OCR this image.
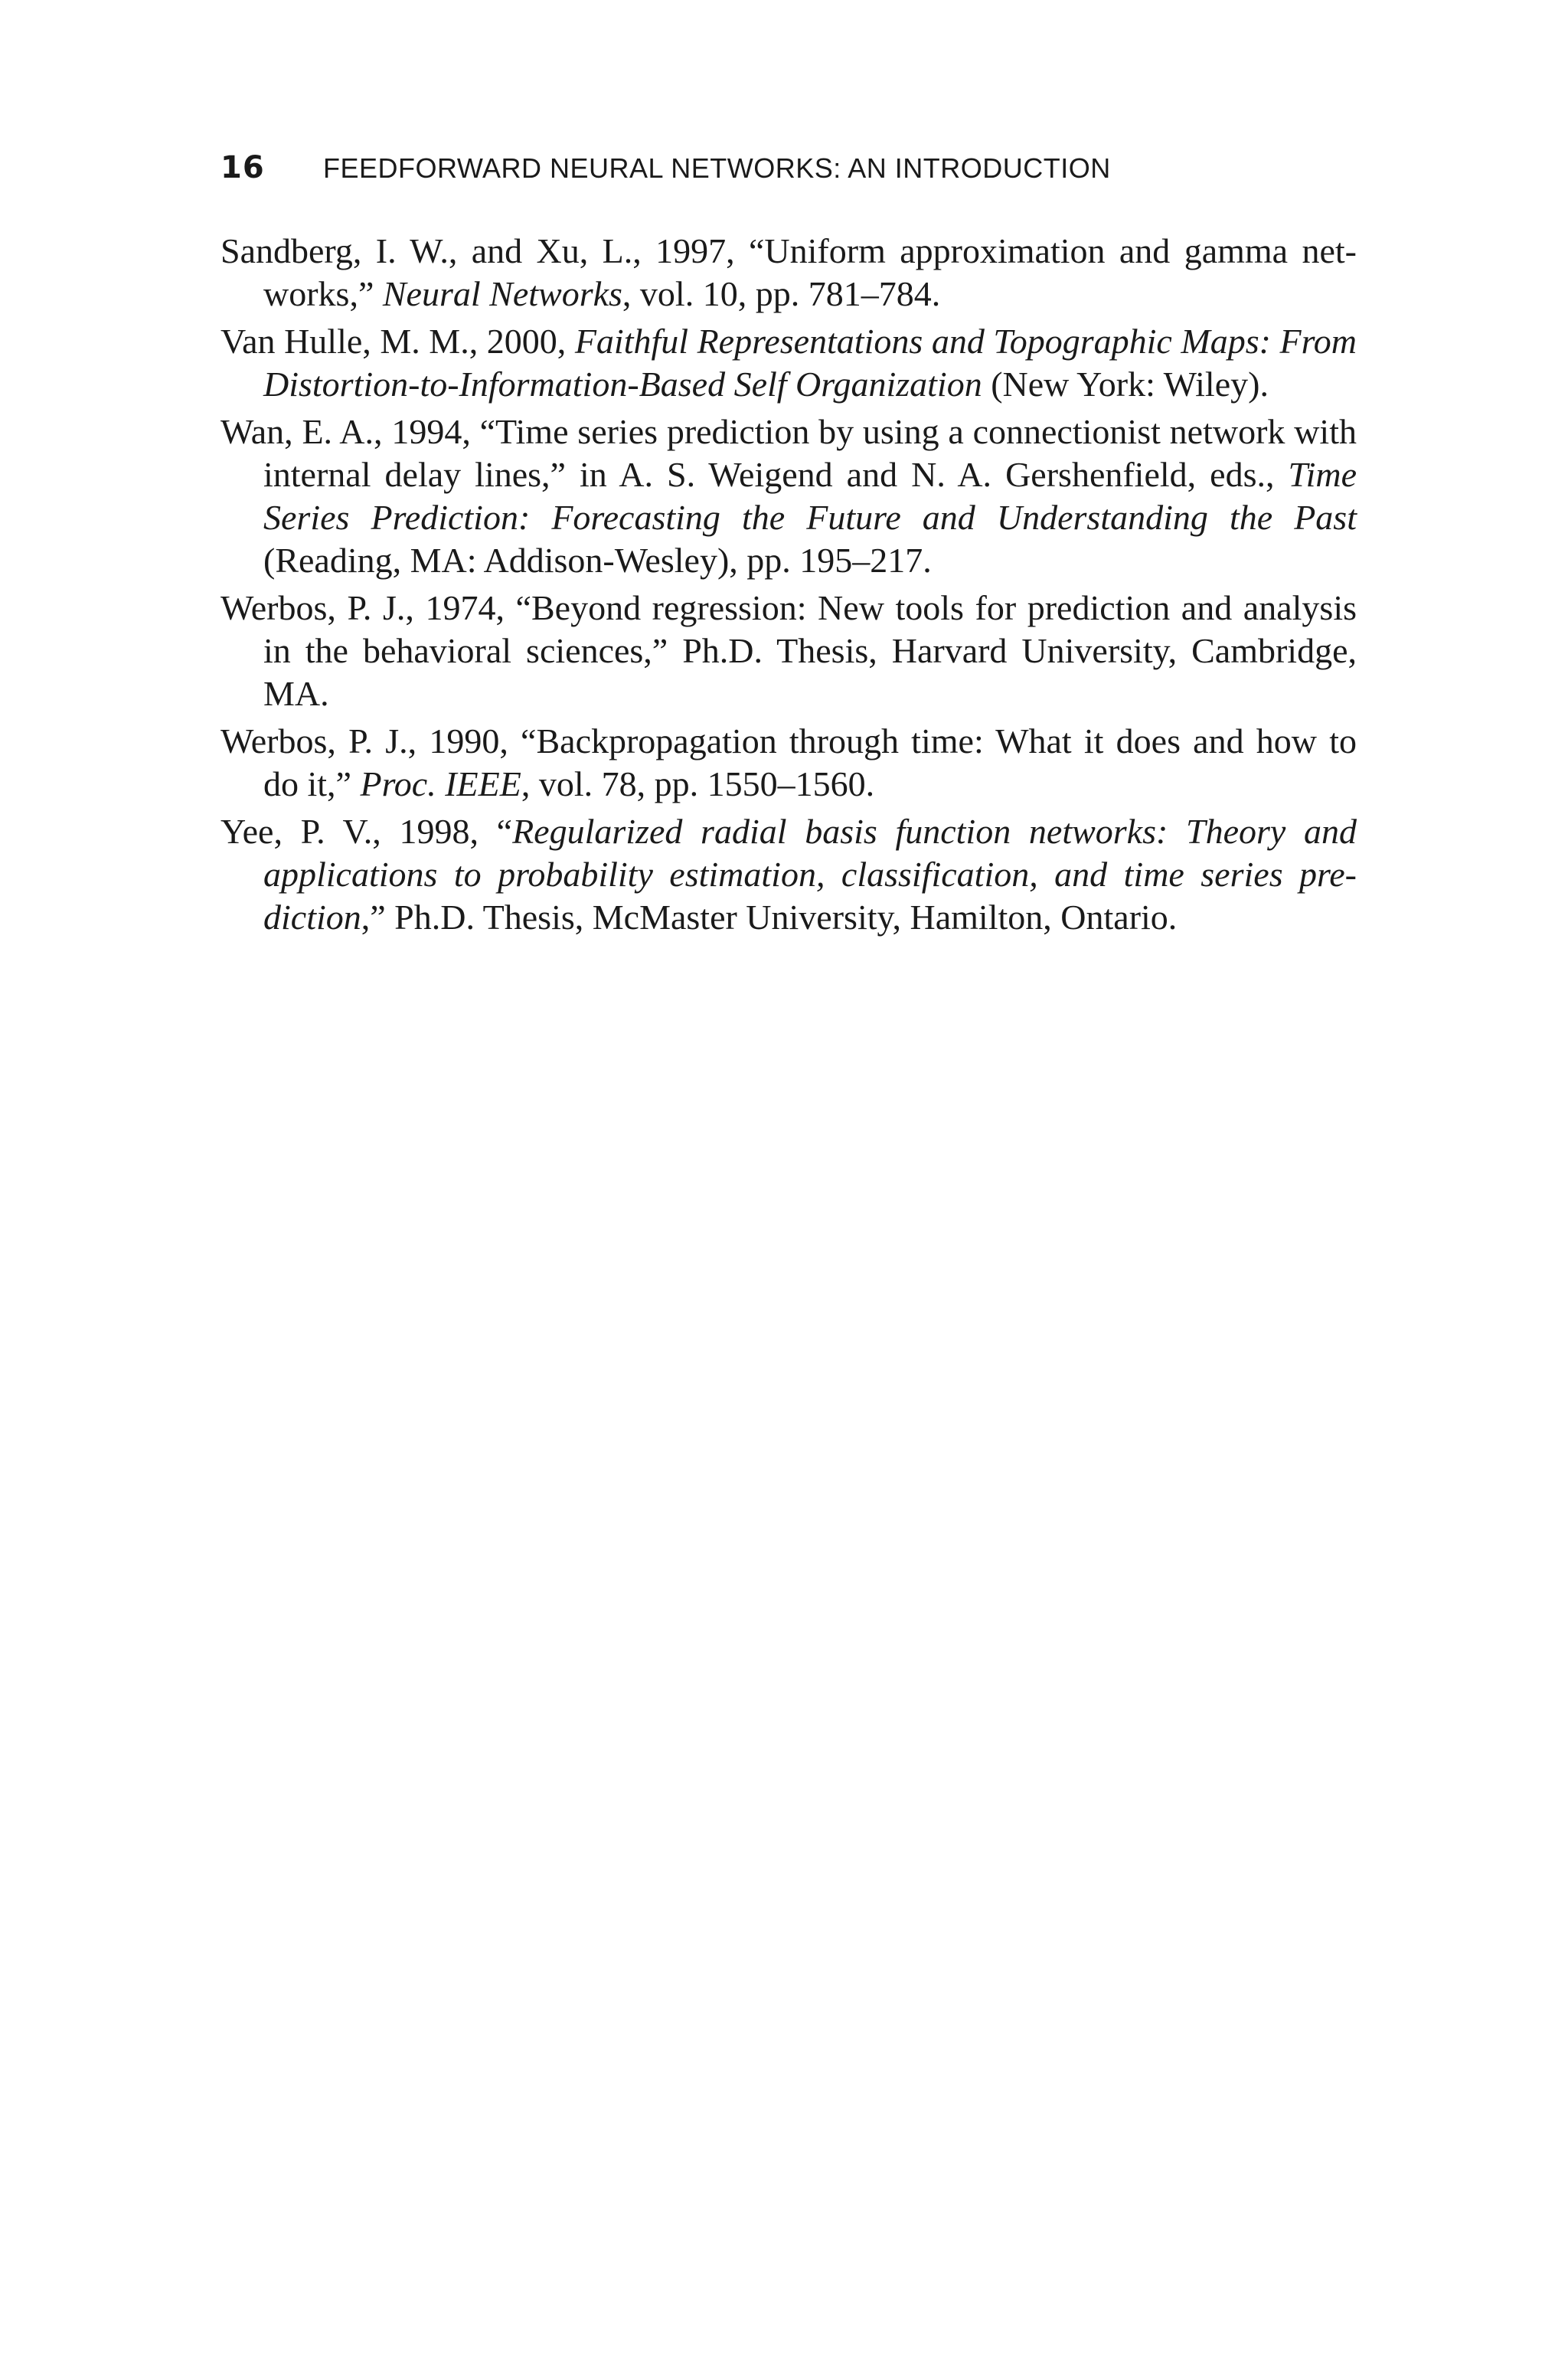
16	FEEDFORWARD NEURAL NETWORKS: AN INTRODUCTION

Sandberg, I. W., and Xu, L., 1997, “Uniform approximation and gamma networks,” Neural Networks, vol. 10, pp. 781–784.

Van Hulle, M. M., 2000, Faithful Representations and Topographic Maps: From Distortion-to-Information-Based Self Organization (New York: Wiley).

Wan, E. A., 1994, “Time series prediction by using a connectionist network with internal delay lines,” in A. S. Weigend and N. A. Gershenfield, eds., Time Series Prediction: Forecasting the Future and Understanding the Past (Reading, MA: Addison-Wesley), pp. 195–217.

Werbos, P. J., 1974, “Beyond regression: New tools for prediction and analysis in the behavioral sciences,” Ph.D. Thesis, Harvard University, Cambridge, MA.

Werbos, P. J., 1990, “Backpropagation through time: What it does and how to do it,” Proc. IEEE, vol. 78, pp. 1550–1560.

Yee, P. V., 1998, “Regularized radial basis function networks: Theory and applications to probability estimation, classification, and time series prediction,” Ph.D. Thesis, McMaster University, Hamilton, Ontario.
